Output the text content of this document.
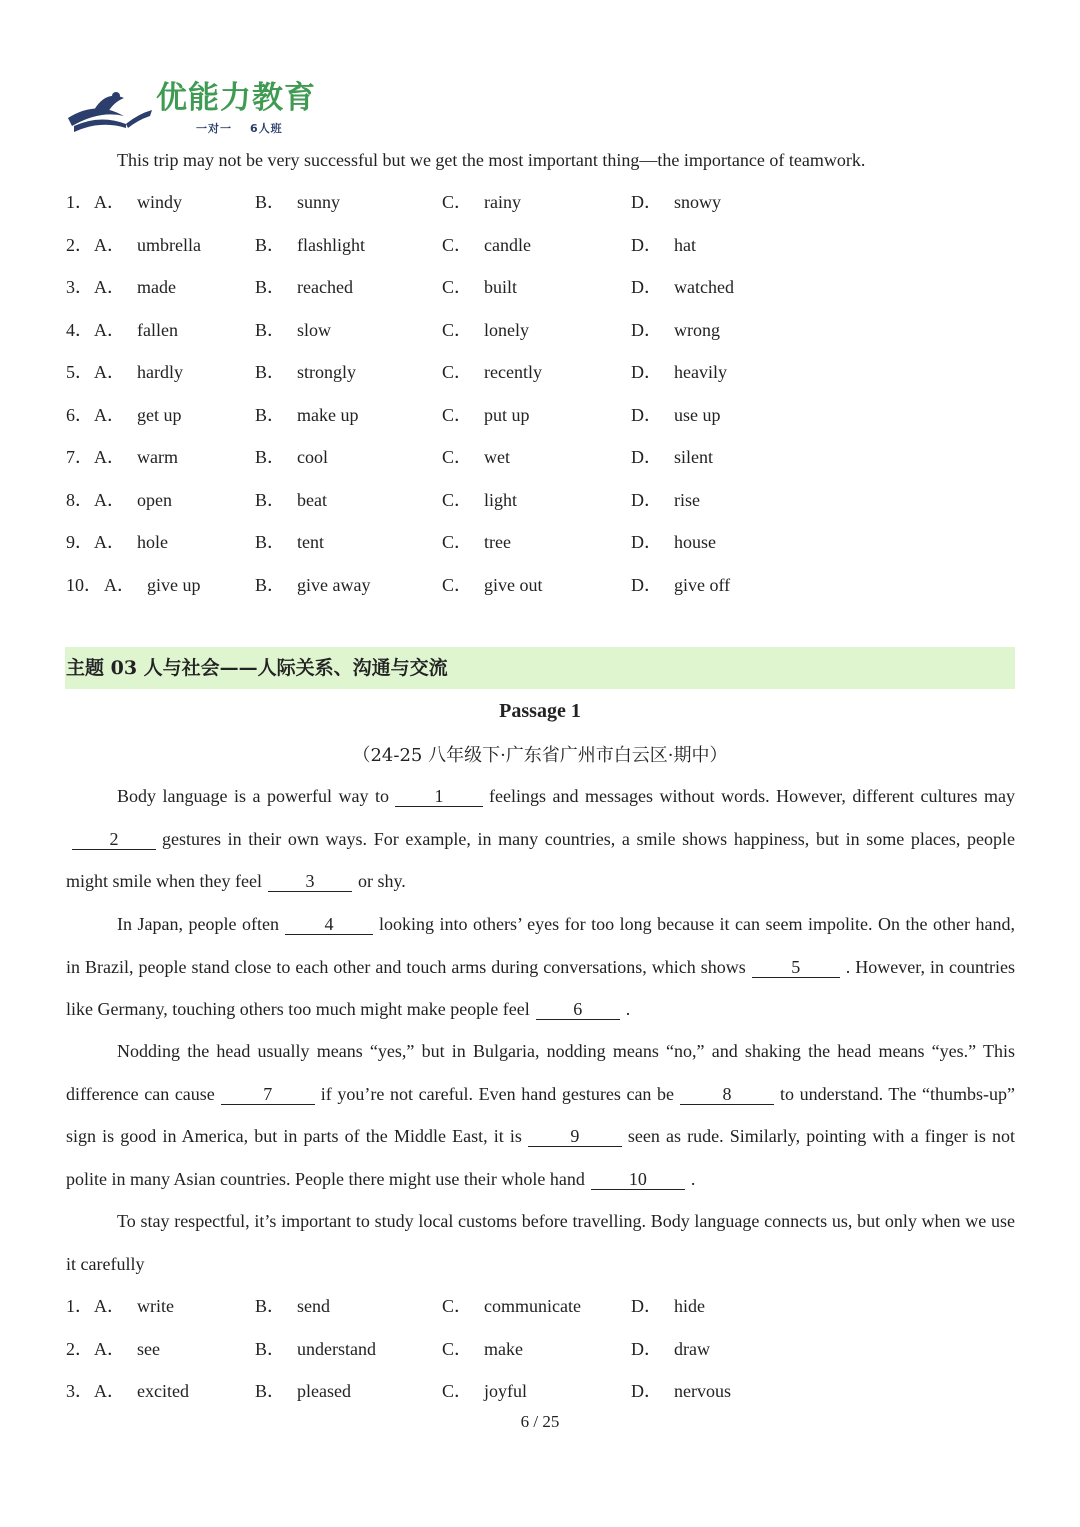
优能力教育
一对一 6人班
This trip may not be very successful but we get the most important thing—the importance of teamwork.
1． A． windy	B． sunny	C． rainy	D． snowy
2． A． umbrella	B． flashlight	C． candle	D． hat
3． A． made	B． reached	C． built	D． watched
4． A． fallen	B． slow	C． lonely	D． wrong
5． A． hardly	B． strongly	C． recently	D． heavily
6． A． get up	B． make up	C． put up	D． use up
7． A． warm	B． cool	C． wet	D． silent
8． A． open	B． beat	C． light	D． rise
9． A． hole	B． tent	C． tree	D． house
10． A． give up	B． give away	C． give out	D． give off
主题 03 人与社会——人际关系、沟通与交流
Passage 1
（24-25 八年级下·广东省广州市白云区·期中）
Body language is a powerful way to	1	feelings and messages without words. However, different cultures may2 gestures in their own ways. For example, in many countries, a smile shows happiness, but in some places, people might smile when they feel 3 or shy.
In Japan, people often	4	looking into others’ eyes for too long because it can seem impolite. On the other hand, in Brazil, people stand close to each other and touch arms during conversations, which shows	5	. However, in countries like Germany, touching others too much might make people feel 6 .
Nodding the head usually means “yes,” but in Bulgaria, nodding means “no,” and shaking the head means “yes.” This difference can cause	7	if you’re not careful. Even hand gestures can be	8	to understand. The “thumbs-up” sign is good in America, but in parts of the Middle East, it is	9	seen as rude. Similarly, pointing with a finger is not polite in many Asian countries. People there might use their whole hand 10 .
To stay respectful, it’s important to study local customs before travelling. Body language connects us, but only when we use it carefully
1． A． write	B． send	C． communicate	D． hide
2． A． see	B． understand	C． make	D． draw
3． A． excited	B． pleased	C． joyful	D． nervous
6 / 25
